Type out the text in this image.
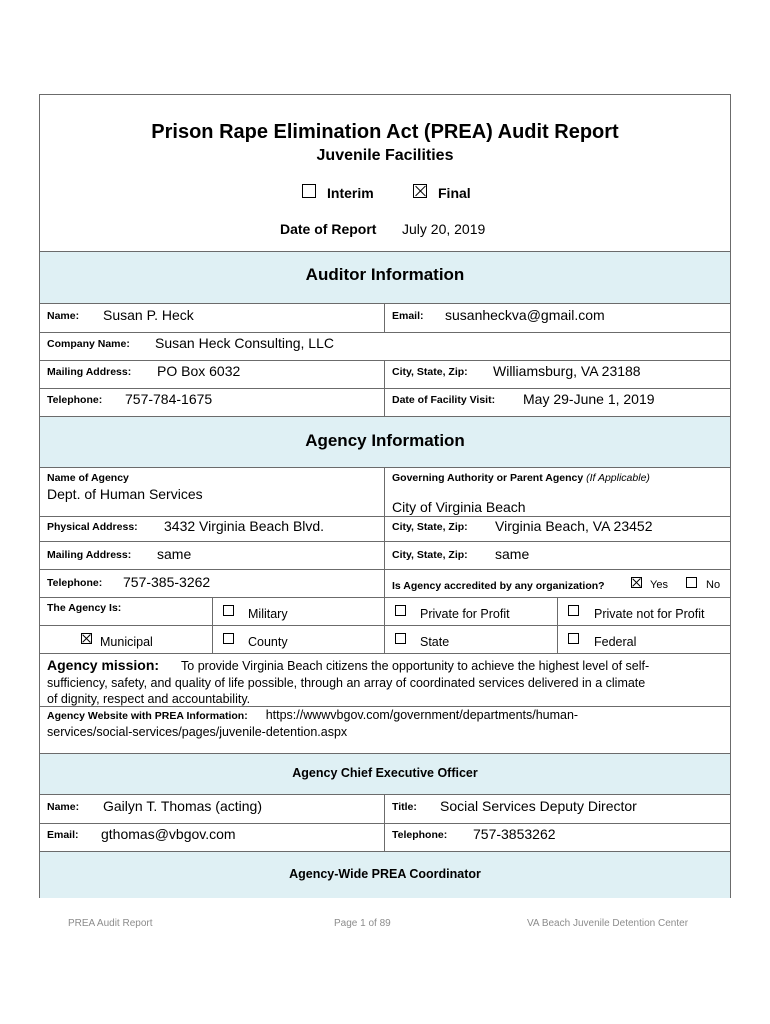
Prison Rape Elimination Act (PREA) Audit Report
Juvenile Facilities
Interim	Final
Date of Report July 20, 2019
Auditor Information
Name: Susan P. Heck	Email: susanheckva@gmail.com
Company Name: Susan Heck Consulting, LLC
Mailing Address: PO Box 6032	City, State, Zip: Williamsburg, VA 23188
Telephone: 757-784-1675	Date of Facility Visit: May 29-June 1, 2019
Agency Information
Name of Agency
Dept. of Human Services
Governing Authority or Parent Agency (If Applicable)
City of Virginia Beach
Physical Address: 3432 Virginia Beach Blvd.	City, State, Zip: Virginia Beach, VA 23452
Mailing Address: same	City, State, Zip: same
Telephone: 757-385-3262	Is Agency accredited by any organization?	Yes	No
The Agency Is:	Military	Private for Profit	Private not for Profit
Municipal	County	State	Federal
Agency mission: To provide Virginia Beach citizens the opportunity to achieve the highest level of self-
sufficiency, safety, and quality of life possible, through an array of coordinated services delivered in a climate
of dignity, respect and accountability.
Agency Website with PREA Information: https://wwwvbgov.com/government/departments/human-
services/social-services/pages/juvenile-detention.aspx
Agency Chief Executive Officer
Name: Gailyn T. Thomas (acting)	Title: Social Services Deputy Director
Email: gthomas@vbgov.com	Telephone: 757-3853262
Agency-Wide PREA Coordinator
PREA Audit Report	Page 1 of 89	VA Beach Juvenile Detention Center
